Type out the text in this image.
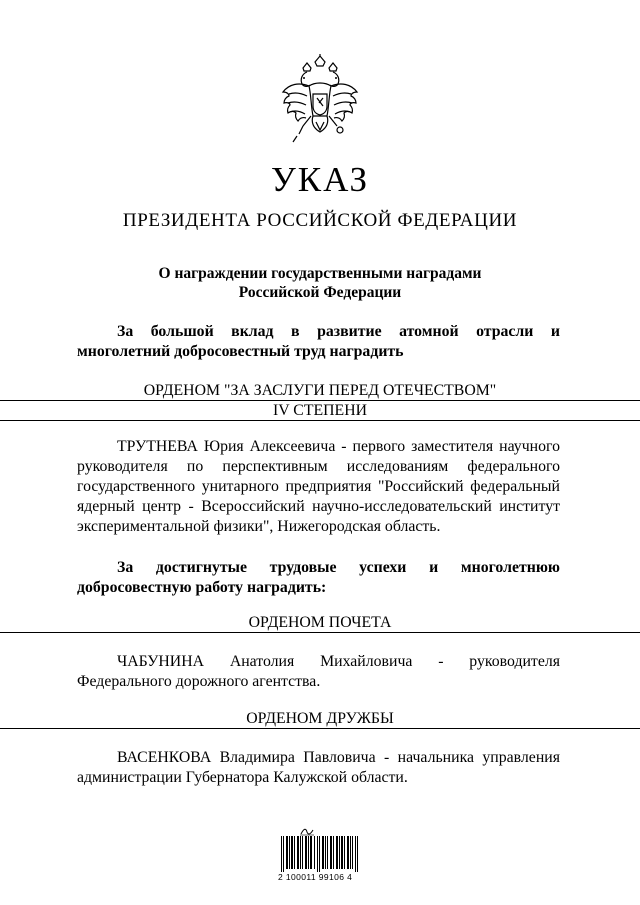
УКАЗ
ПРЕЗИДЕНТА РОССИЙСКОЙ ФЕДЕРАЦИИ
О награждении государственными наградами
Российской Федерации
За большой вклад в развитие атомной отрасли и
многолетний добросовестный труд наградить
ОРДЕНОМ "ЗА ЗАСЛУГИ ПЕРЕД ОТЕЧЕСТВОМ"
IV СТЕПЕНИ
ТРУТНЕВА Юрия Алексеевича - первого заместителя научного
руководителя по перспективным исследованиям федерального
государственного унитарного предприятия "Российский федеральный
ядерный центр - Всероссийский научно-исследовательский институт
экспериментальной физики", Нижегородская область.
За достигнутые трудовые успехи и многолетнюю
добросовестную работу наградить:
ОРДЕНОМ ПОЧЕТА
ЧАБУНИНА Анатолия Михайловича - руководителя
Федерального дорожного агентства.
ОРДЕНОМ ДРУЖБЫ
ВАСЕНКОВА Владимира Павловича - начальника управления
администрации Губернатора Калужской области.
2 100011 99106 4
